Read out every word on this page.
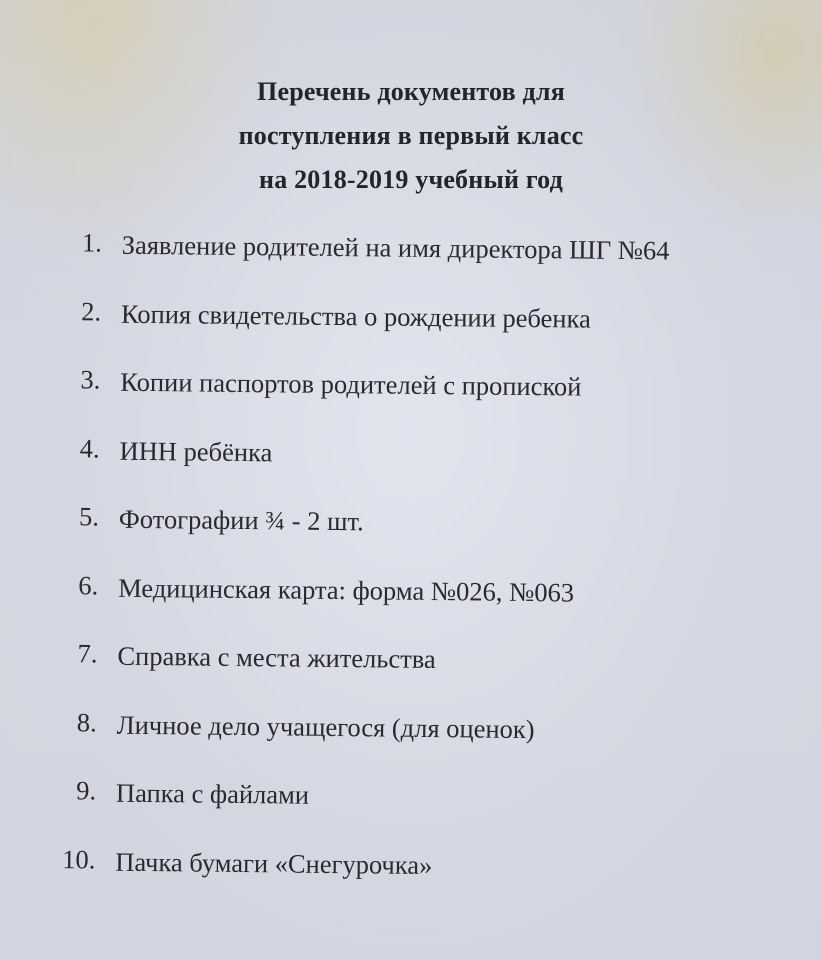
Перечень документов для
поступления в первый класс
на 2018-2019 учебный год
1. Заявление родителей на имя директора ШГ №64
2. Копия свидетельства о рождении ребенка
3. Копии паспортов родителей с пропиской
4. ИНН ребёнка
5. Фотографии ¾ - 2 шт.
6. Медицинская карта: форма №026, №063
7. Справка с места жительства
8. Личное дело учащегося (для оценок)
9. Папка с файлами
10. Пачка бумаги «Снегурочка»
